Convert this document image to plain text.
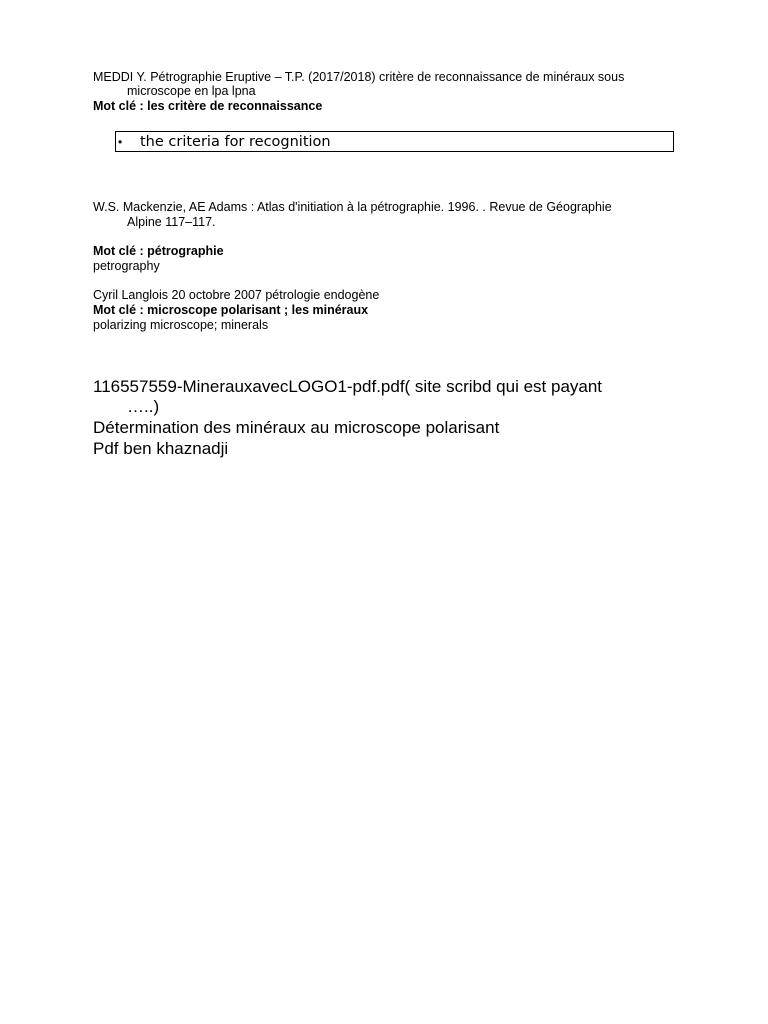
MEDDI Y. Pétrographie Eruptive – T.P. (2017/2018) critère de reconnaissance de minéraux sous
microscope en lpa lpna
Mot clé : les critère de reconnaissance
• the criteria for recognition
W.S. Mackenzie, AE Adams : Atlas d'initiation à la pétrographie. 1996. . Revue de Géographie
Alpine 117–117.
Mot clé : pétrographie
petrography
Cyril Langlois 20 octobre 2007 pétrologie endogène
Mot clé : microscope polarisant ; les minéraux
polarizing microscope; minerals
116557559-MinerauxavecLOGO1-pdf.pdf( site scribd qui est payant
…..)
Détermination des minéraux au microscope polarisant
Pdf ben khaznadji
